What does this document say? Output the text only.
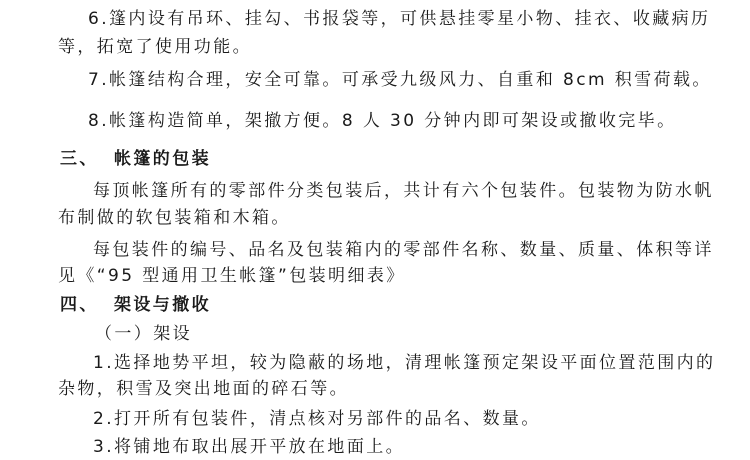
6.篷内设有吊环、挂勾、书报袋等，可供悬挂零星小物、挂衣、收藏病历
等，拓宽了使用功能。
7.帐篷结构合理，安全可靠。可承受九级风力、自重和 8cm 积雪荷载。
8.帐篷构造简单，架撤方便。8 人 30 分钟内即可架设或撤收完毕。
三、 帐篷的包装
每顶帐篷所有的零部件分类包装后，共计有六个包装件。包装物为防水帆
布制做的软包装箱和木箱。
每包装件的编号、品名及包装箱内的零部件名称、数量、质量、体积等详
见《“95 型通用卫生帐篷”包装明细表》
四、 架设与撤收
（一）架设
1.选择地势平坦，较为隐蔽的场地，清理帐篷预定架设平面位置范围内的
杂物，积雪及突出地面的碎石等。
2.打开所有包装件，清点核对另部件的品名、数量。
3.将铺地布取出展开平放在地面上。
